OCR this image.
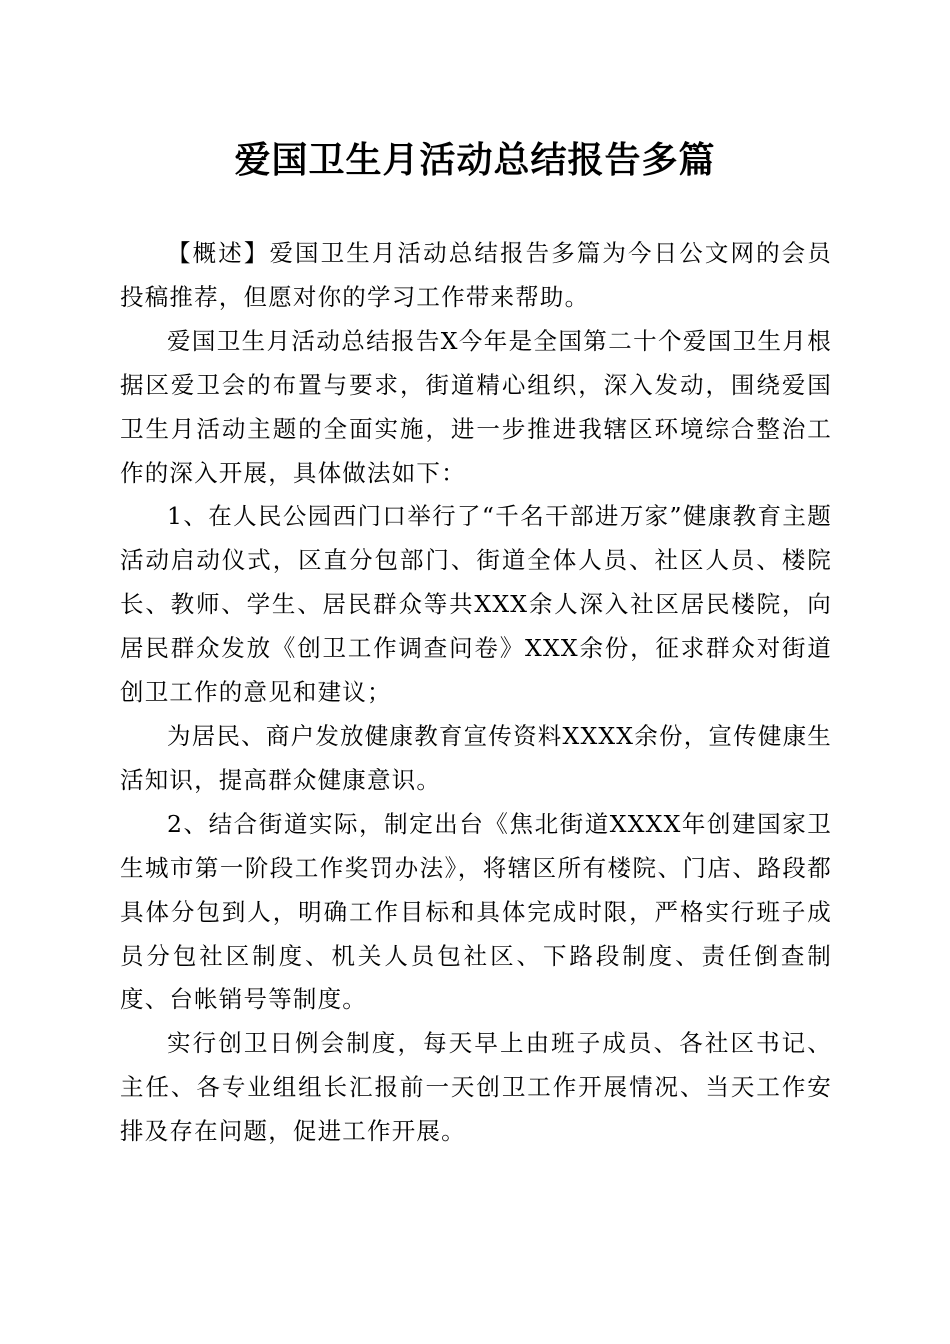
爱国卫生月活动总结报告多篇

【概述】爱国卫生月活动总结报告多篇为今日公文网的会员投稿推荐，但愿对你的学习工作带来帮助。

爱国卫生月活动总结报告X今年是全国第二十个爱国卫生月根据区爱卫会的布置与要求，街道精心组织，深入发动，围绕爱国卫生月活动主题的全面实施，进一步推进我辖区环境综合整治工作的深入开展，具体做法如下：

1、在人民公园西门口举行了“千名干部进万家”健康教育主题活动启动仪式，区直分包部门、街道全体人员、社区人员、楼院长、教师、学生、居民群众等共XXX余人深入社区居民楼院，向居民群众发放《创卫工作调查问卷》XXX余份，征求群众对街道创卫工作的意见和建议；

为居民、商户发放健康教育宣传资料XXXX余份，宣传健康生活知识，提高群众健康意识。

2、结合街道实际，制定出台《焦北街道XXXX年创建国家卫生城市第一阶段工作奖罚办法》，将辖区所有楼院、门店、路段都具体分包到人，明确工作目标和具体完成时限，严格实行班子成员分包社区制度、机关人员包社区、下路段制度、责任倒查制度、台帐销号等制度。

实行创卫日例会制度，每天早上由班子成员、各社区书记、主任、各专业组组长汇报前一天创卫工作开展情况、当天工作安排及存在问题，促进工作开展。
